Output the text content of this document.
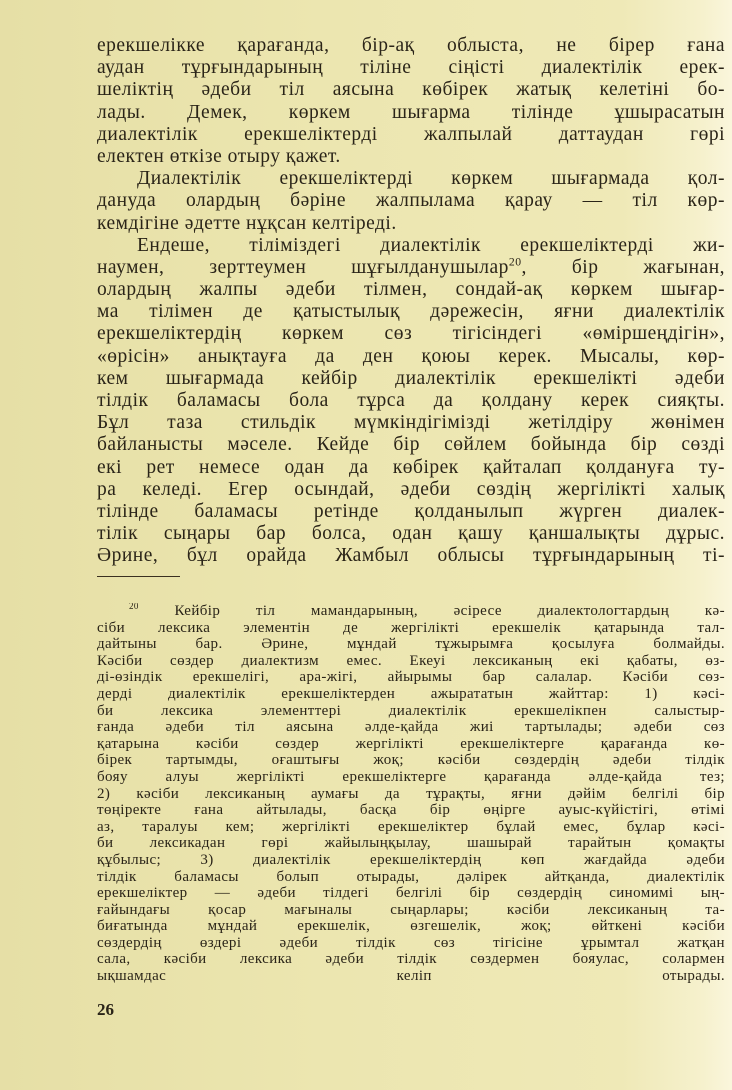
ерекшелікке қарағанда, бір-ақ облыста, не бірер ғана
аудан тұрғындарының тіліне сіңісті диалектілік ерек-
шеліктің әдеби тіл аясына көбірек жатық келетіні бо-
лады. Демек, көркем шығарма тілінде ұшырасатын
диалектілік ерекшеліктерді жалпылай даттаудан гөрі
електен өткізе отыру қажет.
Диалектілік ерекшеліктерді көркем шығармада қол-
дануда олардың бәріне жалпылама қарау — тіл көр-
кемдігіне әдетте нұқсан келтіреді.
Ендеше, тіліміздегі диалектілік ерекшеліктерді жи-
наумен, зерттеумен шұғылданушылар$^{20}$, бір жағынан,
олардың жалпы әдеби тілмен, сондай-ақ көркем шығар-
ма тілімен де қатыстылық дәрежесін, яғни диалектілік
ерекшеліктердің көркем сөз тігісіндегі «өміршеңдігін»,
«өрісін» анықтауға да ден қоюы керек. Мысалы, көр-
кем шығармада кейбір диалектілік ерекшелікті әдеби
тілдік баламасы бола тұрса да қолдану керек сияқты.
Бұл таза стильдік мүмкіндігімізді жетілдіру жөнімен
байланысты мәселе. Кейде бір сөйлем бойында бір сөзді
екі рет немесе одан да көбірек қайталап қолдануға ту-
ра келеді. Егер осындай, әдеби сөздің жергілікті халық
тілінде баламасы ретінде қолданылып жүрген диалек-
тілік сыңары бар болса, одан қашу қаншалықты дұрыс.
Әрине, бұл орайда Жамбыл облысы тұрғындарының ті-
$^{20}$ Кейбір тіл мамандарының, әсіресе диалектологтардың кә-
сіби лексика элементін де жергілікті ерекшелік қатарында тал-
дайтыны бар. Әрине, мұндай тұжырымға қосылуға болмайды.
Кәсіби сөздер диалектизм емес. Екеуі лексиканың екі қабаты, өз-
ді-өзіндік ерекшелігі, ара-жігі, айырымы бар салалар. Кәсіби сөз-
дерді диалектілік ерекшеліктерден ажырататын жайттар: 1) кәсі-
би лексика элементтері диалектілік ерекшелікпен салыстыр-
ғанда әдеби тіл аясына әлде-қайда жиі тартылады; әдеби сөз
қатарына кәсіби сөздер жергілікті ерекшеліктерге қарағанда кө-
бірек тартымды, оғаштығы жоқ; кәсіби сөздердің әдеби тілдік
бояу алуы жергілікті ерекшеліктерге қарағанда әлде-қайда тез;
2) кәсіби лексиканың аумағы да тұрақты, яғни дәйім белгілі бір
төңіректе ғана айтылады, басқа бір өңірге ауыс-күйістігі, өтімі
аз, таралуы кем; жергілікті ерекшеліктер бұлай емес, бұлар кәсі-
би лексикадан гөрі жайылыңқылау, шашырай тарайтын қомақты
құбылыс; 3) диалектілік ерекшеліктердің көп жағдайда әдеби
тілдік баламасы болып отырады, дәлірек айтқанда, диалектілік
ерекшеліктер — әдеби тілдегі белгілі бір сөздердің синомимі ың-
ғайындағы қосар мағыналы сыңарлары; кәсіби лексиканың та-
биғатында мұндай ерекшелік, өзгешелік, жоқ; өйткені кәсіби
сөздердің өздері әдеби тілдік сөз тігісіне ұрымтал жатқан
сала, кәсіби лексика әдеби тілдік сөздермен бояулас, солармен
ықшамдас келіп отырады.
26
